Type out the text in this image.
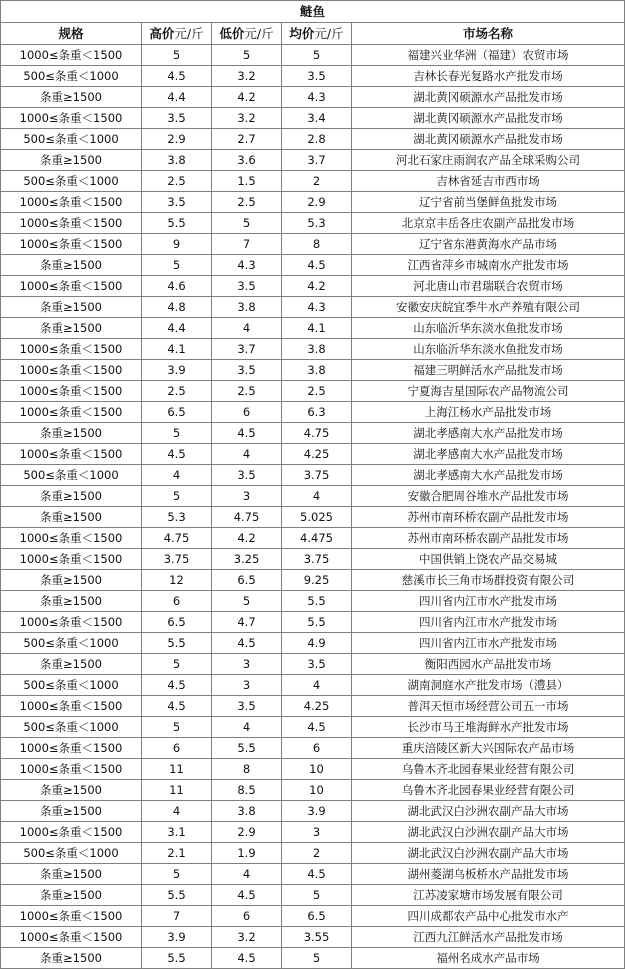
鲢鱼				
规格	高价元/斤	低价元/斤	均价元/斤	市场名称
1000≤条重＜1500	5	5	5	福建兴业华洲（福建）农贸市场
500≤条重＜1000	4.5	3.2	3.5	吉林长春光复路水产批发市场
条重≥1500	4.4	4.2	4.3	湖北黄冈硕源水产品批发市场
1000≤条重＜1500	3.5	3.2	3.4	湖北黄冈硕源水产品批发市场
500≤条重＜1000	2.9	2.7	2.8	湖北黄冈硕源水产品批发市场
条重≥1500	3.8	3.6	3.7	河北石家庄雨润农产品全球采购公司
500≤条重＜1000	2.5	1.5	2	吉林省延吉市西市场
1000≤条重＜1500	3.5	2.5	2.9	辽宁省前当堡鲜鱼批发市场
1000≤条重＜1500	5.5	5	5.3	北京京丰岳各庄农副产品批发市场
1000≤条重＜1500	9	7	8	辽宁省东港黄海水产品市场
条重≥1500	5	4.3	4.5	江西省萍乡市城南水产批发市场
1000≤条重＜1500	4.6	3.5	4.2	河北唐山市君瑞联合农贸市场
条重≥1500	4.8	3.8	4.3	安徽安庆皖宜季牛水产养殖有限公司
条重≥1500	4.4	4	4.1	山东临沂华东淡水鱼批发市场
1000≤条重＜1500	4.1	3.7	3.8	山东临沂华东淡水鱼批发市场
1000≤条重＜1500	3.9	3.5	3.8	福建三明鲜活水产品批发市场
1000≤条重＜1500	2.5	2.5	2.5	宁夏海吉星国际农产品物流公司
1000≤条重＜1500	6.5	6	6.3	上海江杨水产品批发市场
条重≥1500	5	4.5	4.75	湖北孝感南大水产品批发市场
1000≤条重＜1500	4.5	4	4.25	湖北孝感南大水产品批发市场
500≤条重＜1000	4	3.5	3.75	湖北孝感南大水产品批发市场
条重≥1500	5	3	4	安徽合肥周谷堆水产品批发市场
条重≥1500	5.3	4.75	5.025	苏州市南环桥农副产品批发市场
1000≤条重＜1500	4.75	4.2	4.475	苏州市南环桥农副产品批发市场
1000≤条重＜1500	3.75	3.25	3.75	中国供销上饶农产品交易城
条重≥1500	12	6.5	9.25	慈溪市长三角市场群投资有限公司
条重≥1500	6	5	5.5	四川省内江市水产批发市场
1000≤条重＜1500	6.5	4.7	5.5	四川省内江市水产批发市场
500≤条重＜1000	5.5	4.5	4.9	四川省内江市水产批发市场
条重≥1500	5	3	3.5	衡阳西园水产品批发市场
500≤条重＜1000	4.5	3	4	湖南洞庭水产批发市场（澧县）
1000≤条重＜1500	4.5	3.5	4.25	普洱天恒市场经营公司五一市场
500≤条重＜1000	5	4	4.5	长沙市马王堆海鲜水产批发市场
1000≤条重＜1500	6	5.5	6	重庆涪陵区新大兴国际农产品市场
1000≤条重＜1500	11	8	10	乌鲁木齐北园春果业经营有限公司
条重≥1500	11	8.5	10	乌鲁木齐北园春果业经营有限公司
条重≥1500	4	3.8	3.9	湖北武汉白沙洲农副产品大市场
1000≤条重＜1500	3.1	2.9	3	湖北武汉白沙洲农副产品大市场
500≤条重＜1000	2.1	1.9	2	湖北武汉白沙洲农副产品大市场
条重≥1500	5	4	4.5	湖州菱湖乌板桥水产品批发市场
条重≥1500	5.5	4.5	5	江苏凌家塘市场发展有限公司
1000≤条重＜1500	7	6	6.5	四川成都农产品中心批发市水产
1000≤条重＜1500	3.9	3.2	3.55	江西九江鲜活水产品批发市场
条重≥1500	5.5	4.5	5	福州名成水产品市场
